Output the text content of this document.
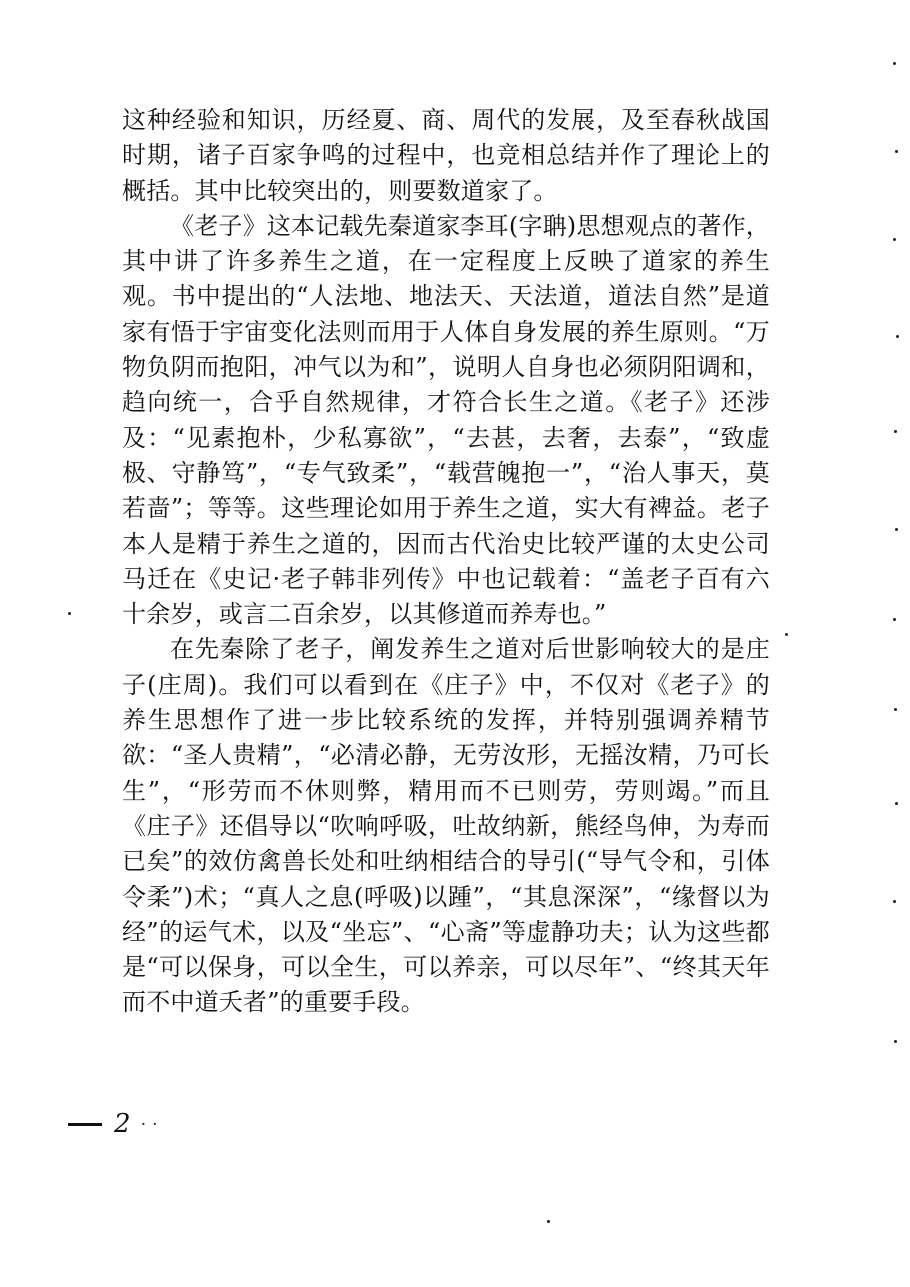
这种经验和知识，历经夏、商、周代的发展，及至春秋战国时期，诸子百家争鸣的过程中，也竞相总结并作了理论上的概括。其中比较突出的，则要数道家了。

《老子》这本记载先秦道家李耳(字聃)思想观点的著作，其中讲了许多养生之道，在一定程度上反映了道家的养生观。书中提出的“人法地、地法天、天法道，道法自然”是道家有悟于宇宙变化法则而用于人体自身发展的养生原则。“万物负阴而抱阳，冲气以为和”，说明人自身也必须阴阳调和，趋向统一，合乎自然规律，才符合长生之道。《老子》还涉及：“见素抱朴，少私寡欲”，“去甚，去奢，去泰”，“致虚极、守静笃”，“专气致柔”，“载营魄抱一”，“治人事天，莫若啬”；等等。这些理论如用于养生之道，实大有裨益。老子本人是精于养生之道的，因而古代治史比较严谨的太史公司马迁在《史记·老子韩非列传》中也记载着：“盖老子百有六十余岁，或言二百余岁，以其修道而养寿也。”

在先秦除了老子，阐发养生之道对后世影响较大的是庄子(庄周)。我们可以看到在《庄子》中，不仅对《老子》的养生思想作了进一步比较系统的发挥，并特别强调养精节欲：“圣人贵精”，“必清必静，无劳汝形，无摇汝精，乃可长生”，“形劳而不休则弊，精用而不已则劳，劳则竭。”而且《庄子》还倡导以“吹响呼吸，吐故纳新，熊经鸟伸，为寿而已矣”的效仿禽兽长处和吐纳相结合的导引(“导气令和，引体令柔”)术；“真人之息(呼吸)以踵”，“其息深深”，“缘督以为经”的运气术，以及“坐忘”、“心斋”等虚静功夫；认为这些都是“可以保身，可以全生，可以养亲，可以尽年”、“终其天年而不中道夭者”的重要手段。

2 · ·
